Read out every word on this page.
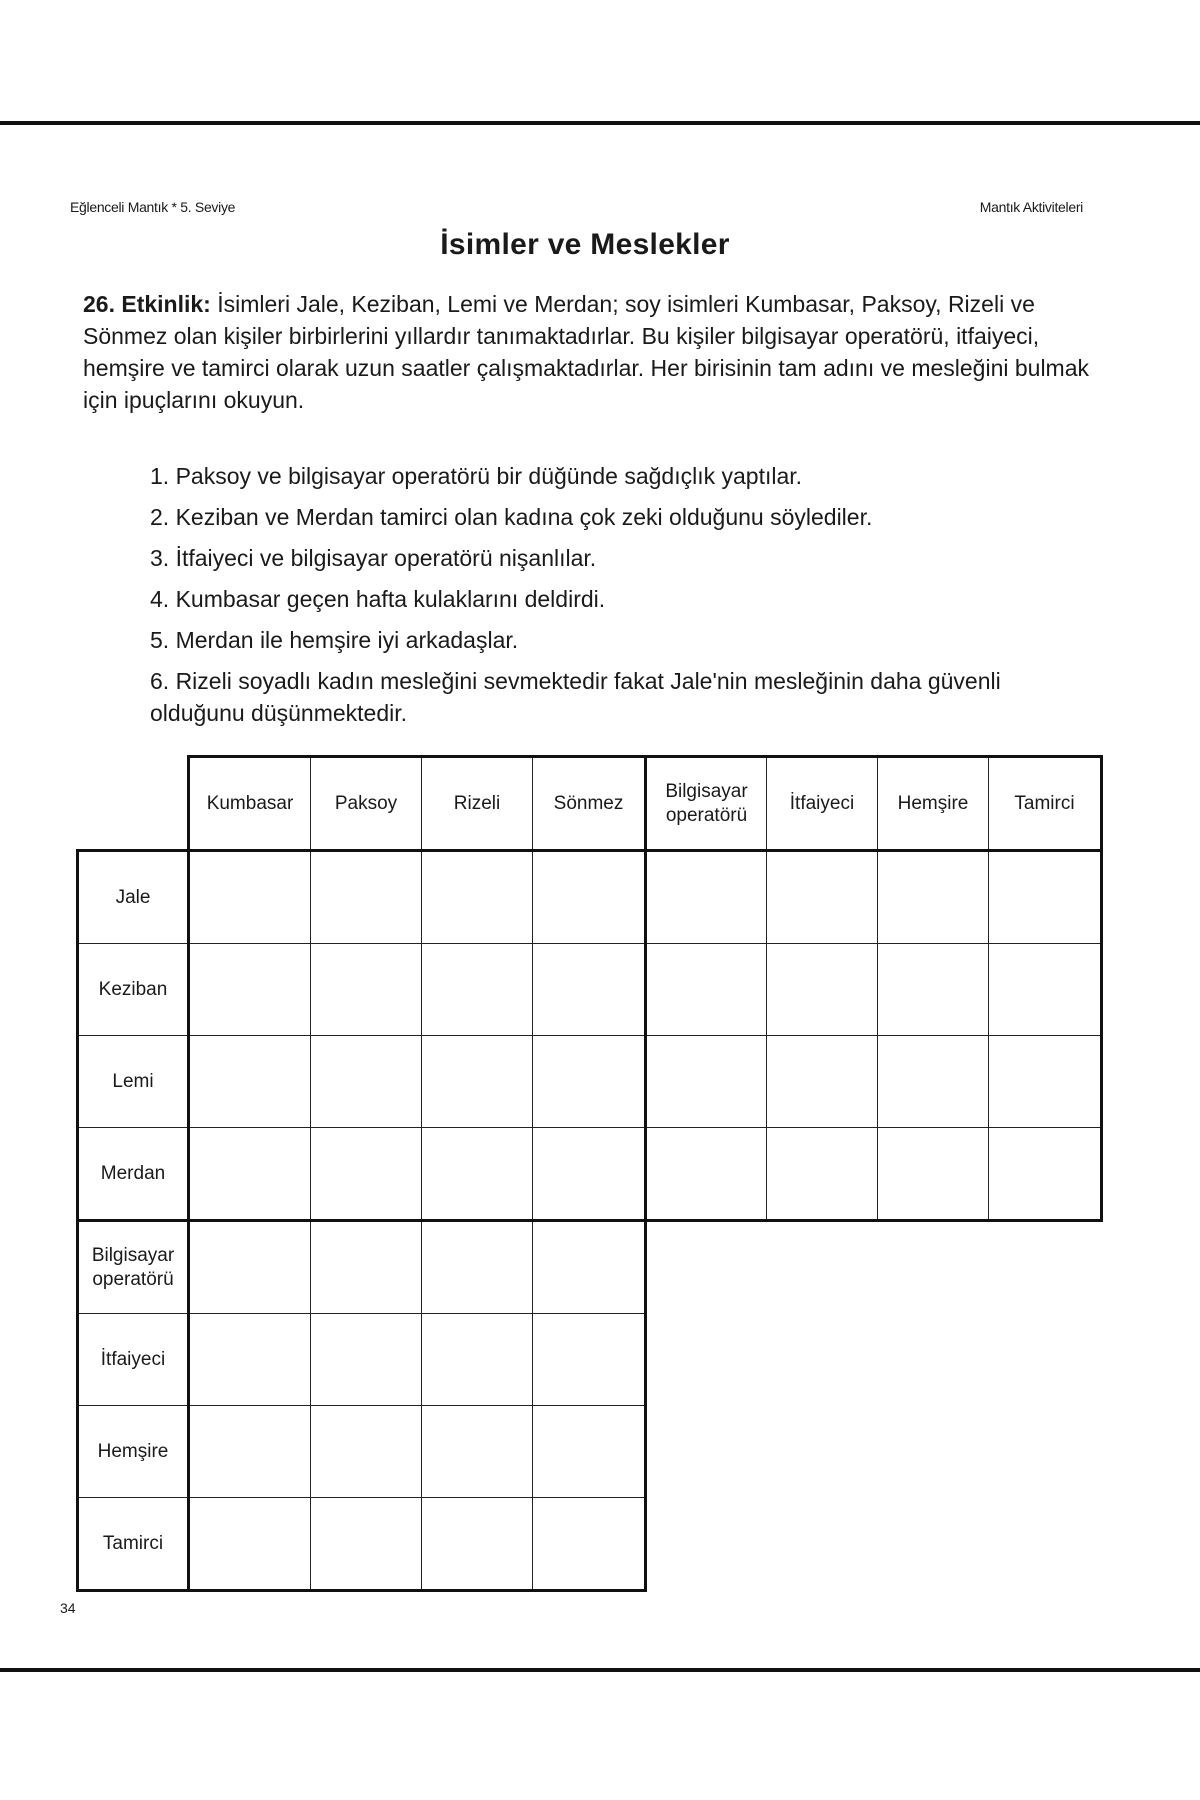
Eğlenceli Mantık * 5. Seviye	Mantık Aktiviteleri
İsimler ve Meslekler
26. Etkinlik: İsimleri Jale, Keziban, Lemi ve Merdan; soy isimleri Kumbasar, Paksoy, Rizeli ve Sönmez olan kişiler birbirlerini yıllardır tanımaktadırlar. Bu kişiler bilgisayar operatörü, itfaiyeci, hemşire ve tamirci olarak uzun saatler çalışmaktadırlar. Her birisinin tam adını ve mesleğini bulmak için ipuçlarını okuyun.
1. Paksoy ve bilgisayar operatörü bir düğünde sağdıçlık yaptılar.
2. Keziban ve Merdan tamirci olan kadına çok zeki olduğunu söylediler.
3. İtfaiyeci ve bilgisayar operatörü nişanlılar.
4. Kumbasar geçen hafta kulaklarını deldirdi.
5. Merdan ile hemşire iyi arkadaşlar.
6. Rizeli soyadlı kadın mesleğini sevmektedir fakat Jale'nin mesleğinin daha güvenli olduğunu düşünmektedir.
	Kumbasar	Paksoy	Rizeli	Sönmez	Bilgisayar operatörü	İtfaiyeci	Hemşire	Tamirci
Jale								
Keziban								
Lemi								
Merdan								
Bilgisayar operatörü								
İtfaiyeci								
Hemşire								
Tamirci								
34
